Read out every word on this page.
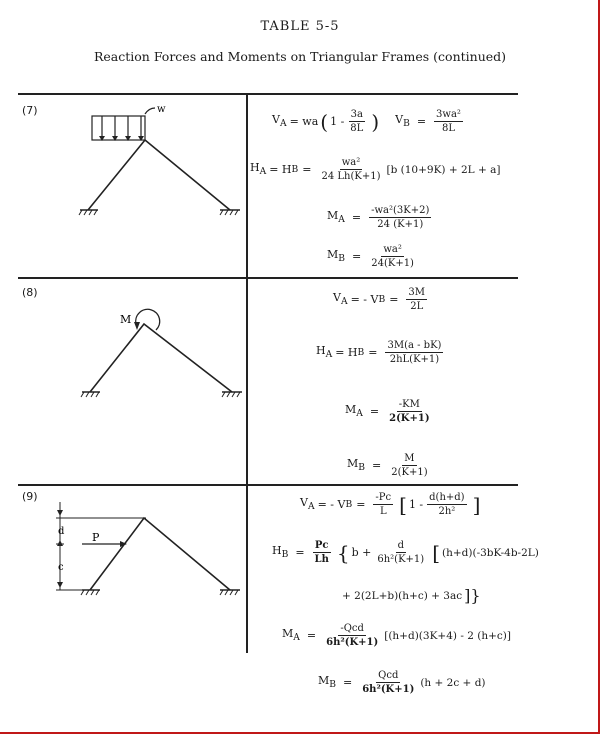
TABLE 5-5
Reaction Forces and Moments on Triangular Frames (continued)
(7)	w
$V_A$ = wa ( $1 - \frac{3a}{8L}$ ) $V_B = \frac{\text{3wa²}}{8L}$
$H_A = H$ $B = \frac{\text{wa²}}{24 Lh(K+1)} [b$ (10+9K) + 2L + a]
$M_A = \frac{\text{-wa²(3K+2)}}{24 (K+1)}$
$M_B = \frac{\text{wa²}}{24(K+1)}$
(8)
M
$V_A$ = - V $B = \frac{3M}{2L}$
$H_A = H$ $B = \frac{3M(a - bK)}{2hL(K+1)}$
$M_A = \frac{-KM}{2(K+1)}$
$M_B = \frac{M}{2(K+1)}$
(9)
d
c
P
$V_A$ = - V $B = \frac{-Pc}{L}$ [ $1 - \frac{d(h+d)}{\text{2h²}}$ ]
$H_B = \frac{Pc}{Lh}$ { $b + \frac{d}{\text{6h²(K+1)}}$ [ (h+d)(-3bK-4b-2L)
+ 2(2L+b)(h+c) + 3ac ]}
$M_A = \frac{\text{-Qcd}}{\text{6h²(K+1)}} [(h+d)(3K+4) - 2$ (h+c)]
$M_B = \frac{\text{Qcd}}{\text{6h²(K+1)}} (h + 2c + d)$
